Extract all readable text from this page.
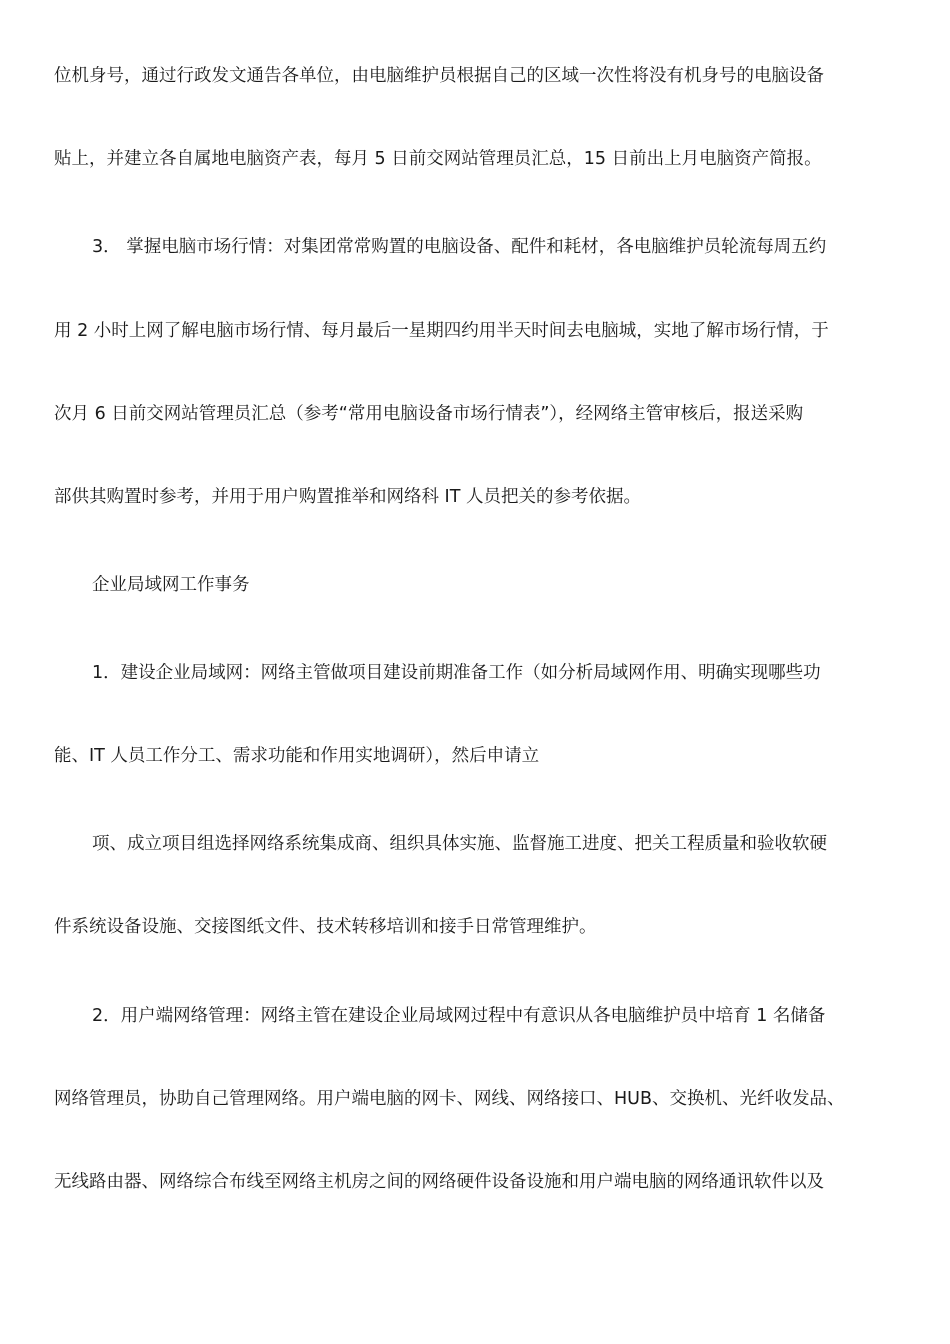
位机身号，通过行政发文通告各单位，由电脑维护员根据自己的区域一次性将没有机身号的电脑设备
贴上，并建立各自属地电脑资产表，每月 5 日前交网站管理员汇总，15 日前出上月电脑资产简报。
3． 掌握电脑市场行情：对集团常常购置的电脑设备、配件和耗材，各电脑维护员轮流每周五约
用 2 小时上网了解电脑市场行情、每月最后一星期四约用半天时间去电脑城，实地了解市场行情，于
次月 6 日前交网站管理员汇总（参考“常用电脑设备市场行情表”），经网络主管审核后，报送采购
部供其购置时参考，并用于用户购置推举和网络科 IT 人员把关的参考依据。
企业局域网工作事务
1．建设企业局域网：网络主管做项目建设前期准备工作（如分析局域网作用、明确实现哪些功
能、IT 人员工作分工、需求功能和作用实地调研），然后申请立
项、成立项目组选择网络系统集成商、组织具体实施、监督施工进度、把关工程质量和验收软硬
件系统设备设施、交接图纸文件、技术转移培训和接手日常管理维护。
2．用户端网络管理：网络主管在建设企业局域网过程中有意识从各电脑维护员中培育 1 名储备
网络管理员，协助自己管理网络。用户端电脑的网卡、网线、网络接口、HUB、交换机、光纤收发品、
无线路由器、网络综合布线至网络主机房之间的网络硬件设备设施和用户端电脑的网络通讯软件以及
